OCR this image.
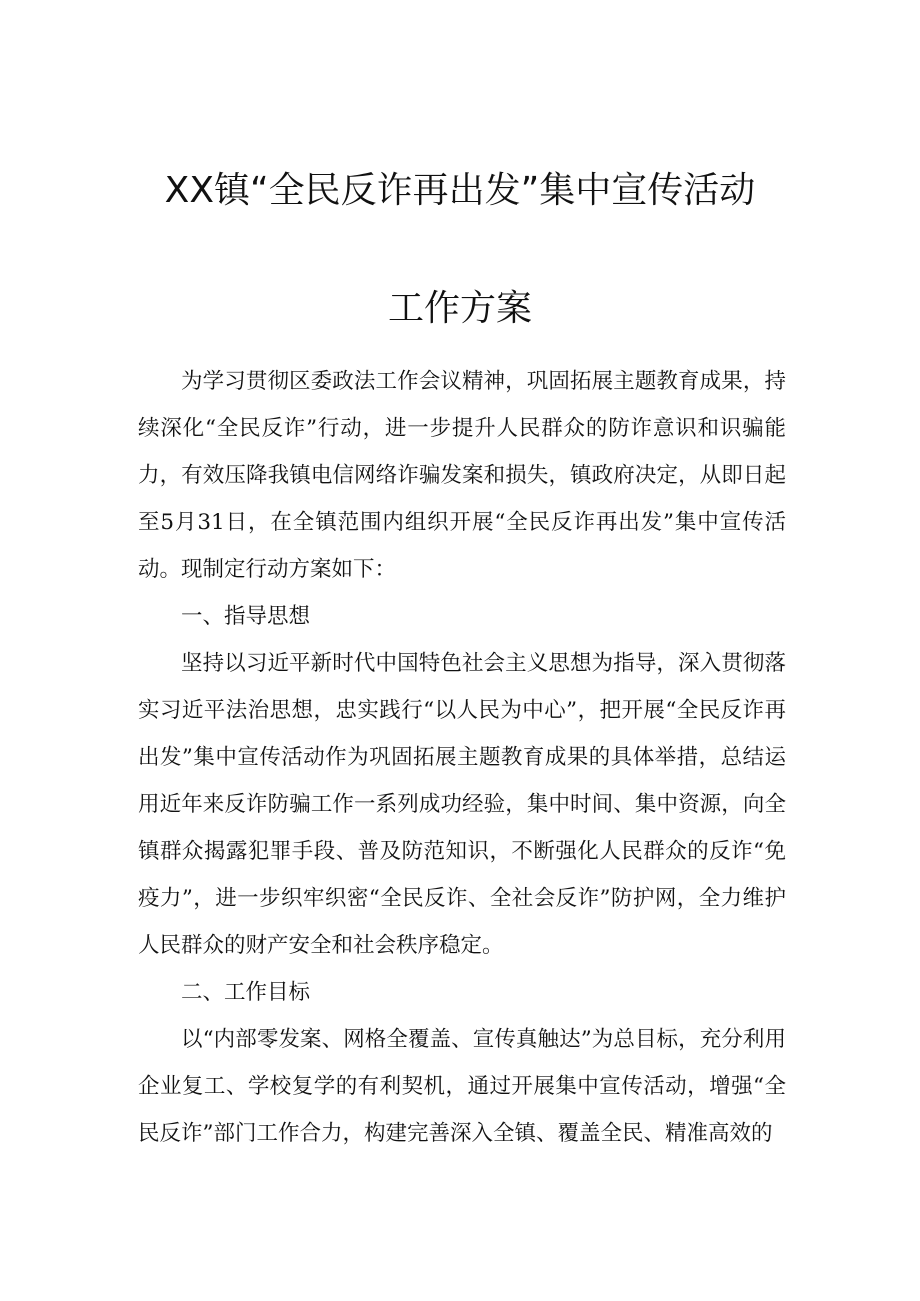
XX镇“全民反诈再出发”集中宣传活动
工作方案

为学习贯彻区委政法工作会议精神，巩固拓展主题教育成果，持续深化“全民反诈”行动，进一步提升人民群众的防诈意识和识骗能力，有效压降我镇电信网络诈骗发案和损失，镇政府决定，从即日起至5月31日，在全镇范围内组织开展“全民反诈再出发”集中宣传活动。现制定行动方案如下：

一、指导思想

坚持以习近平新时代中国特色社会主义思想为指导，深入贯彻落实习近平法治思想，忠实践行“以人民为中心”，把开展“全民反诈再出发”集中宣传活动作为巩固拓展主题教育成果的具体举措，总结运用近年来反诈防骗工作一系列成功经验，集中时间、集中资源，向全镇群众揭露犯罪手段、普及防范知识，不断强化人民群众的反诈“免疫力”，进一步织牢织密“全民反诈、全社会反诈”防护网，全力维护人民群众的财产安全和社会秩序稳定。

二、工作目标

以“内部零发案、网格全覆盖、宣传真触达”为总目标，充分利用企业复工、学校复学的有利契机，通过开展集中宣传活动，增强“全民反诈”部门工作合力，构建完善深入全镇、覆盖全民、精准高效的
